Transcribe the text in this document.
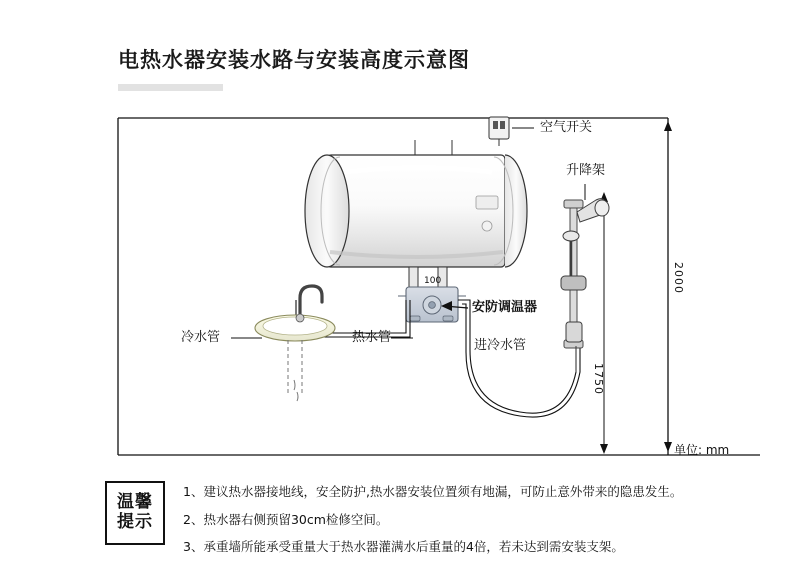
电热水器安装水路与安装高度示意图
空气开关
升降架
安防调温器
冷水管	热水管
进冷水管
2000
1750
100
单位: mm
温馨
提示
1、建议热水器接地线，安全防护,热水器安装位置须有地漏，可防止意外带来的隐患发生。
2、热水器右侧预留30cm检修空间。
3、承重墙所能承受重量大于热水器灌满水后重量的4倍，若未达到需安装支架。
